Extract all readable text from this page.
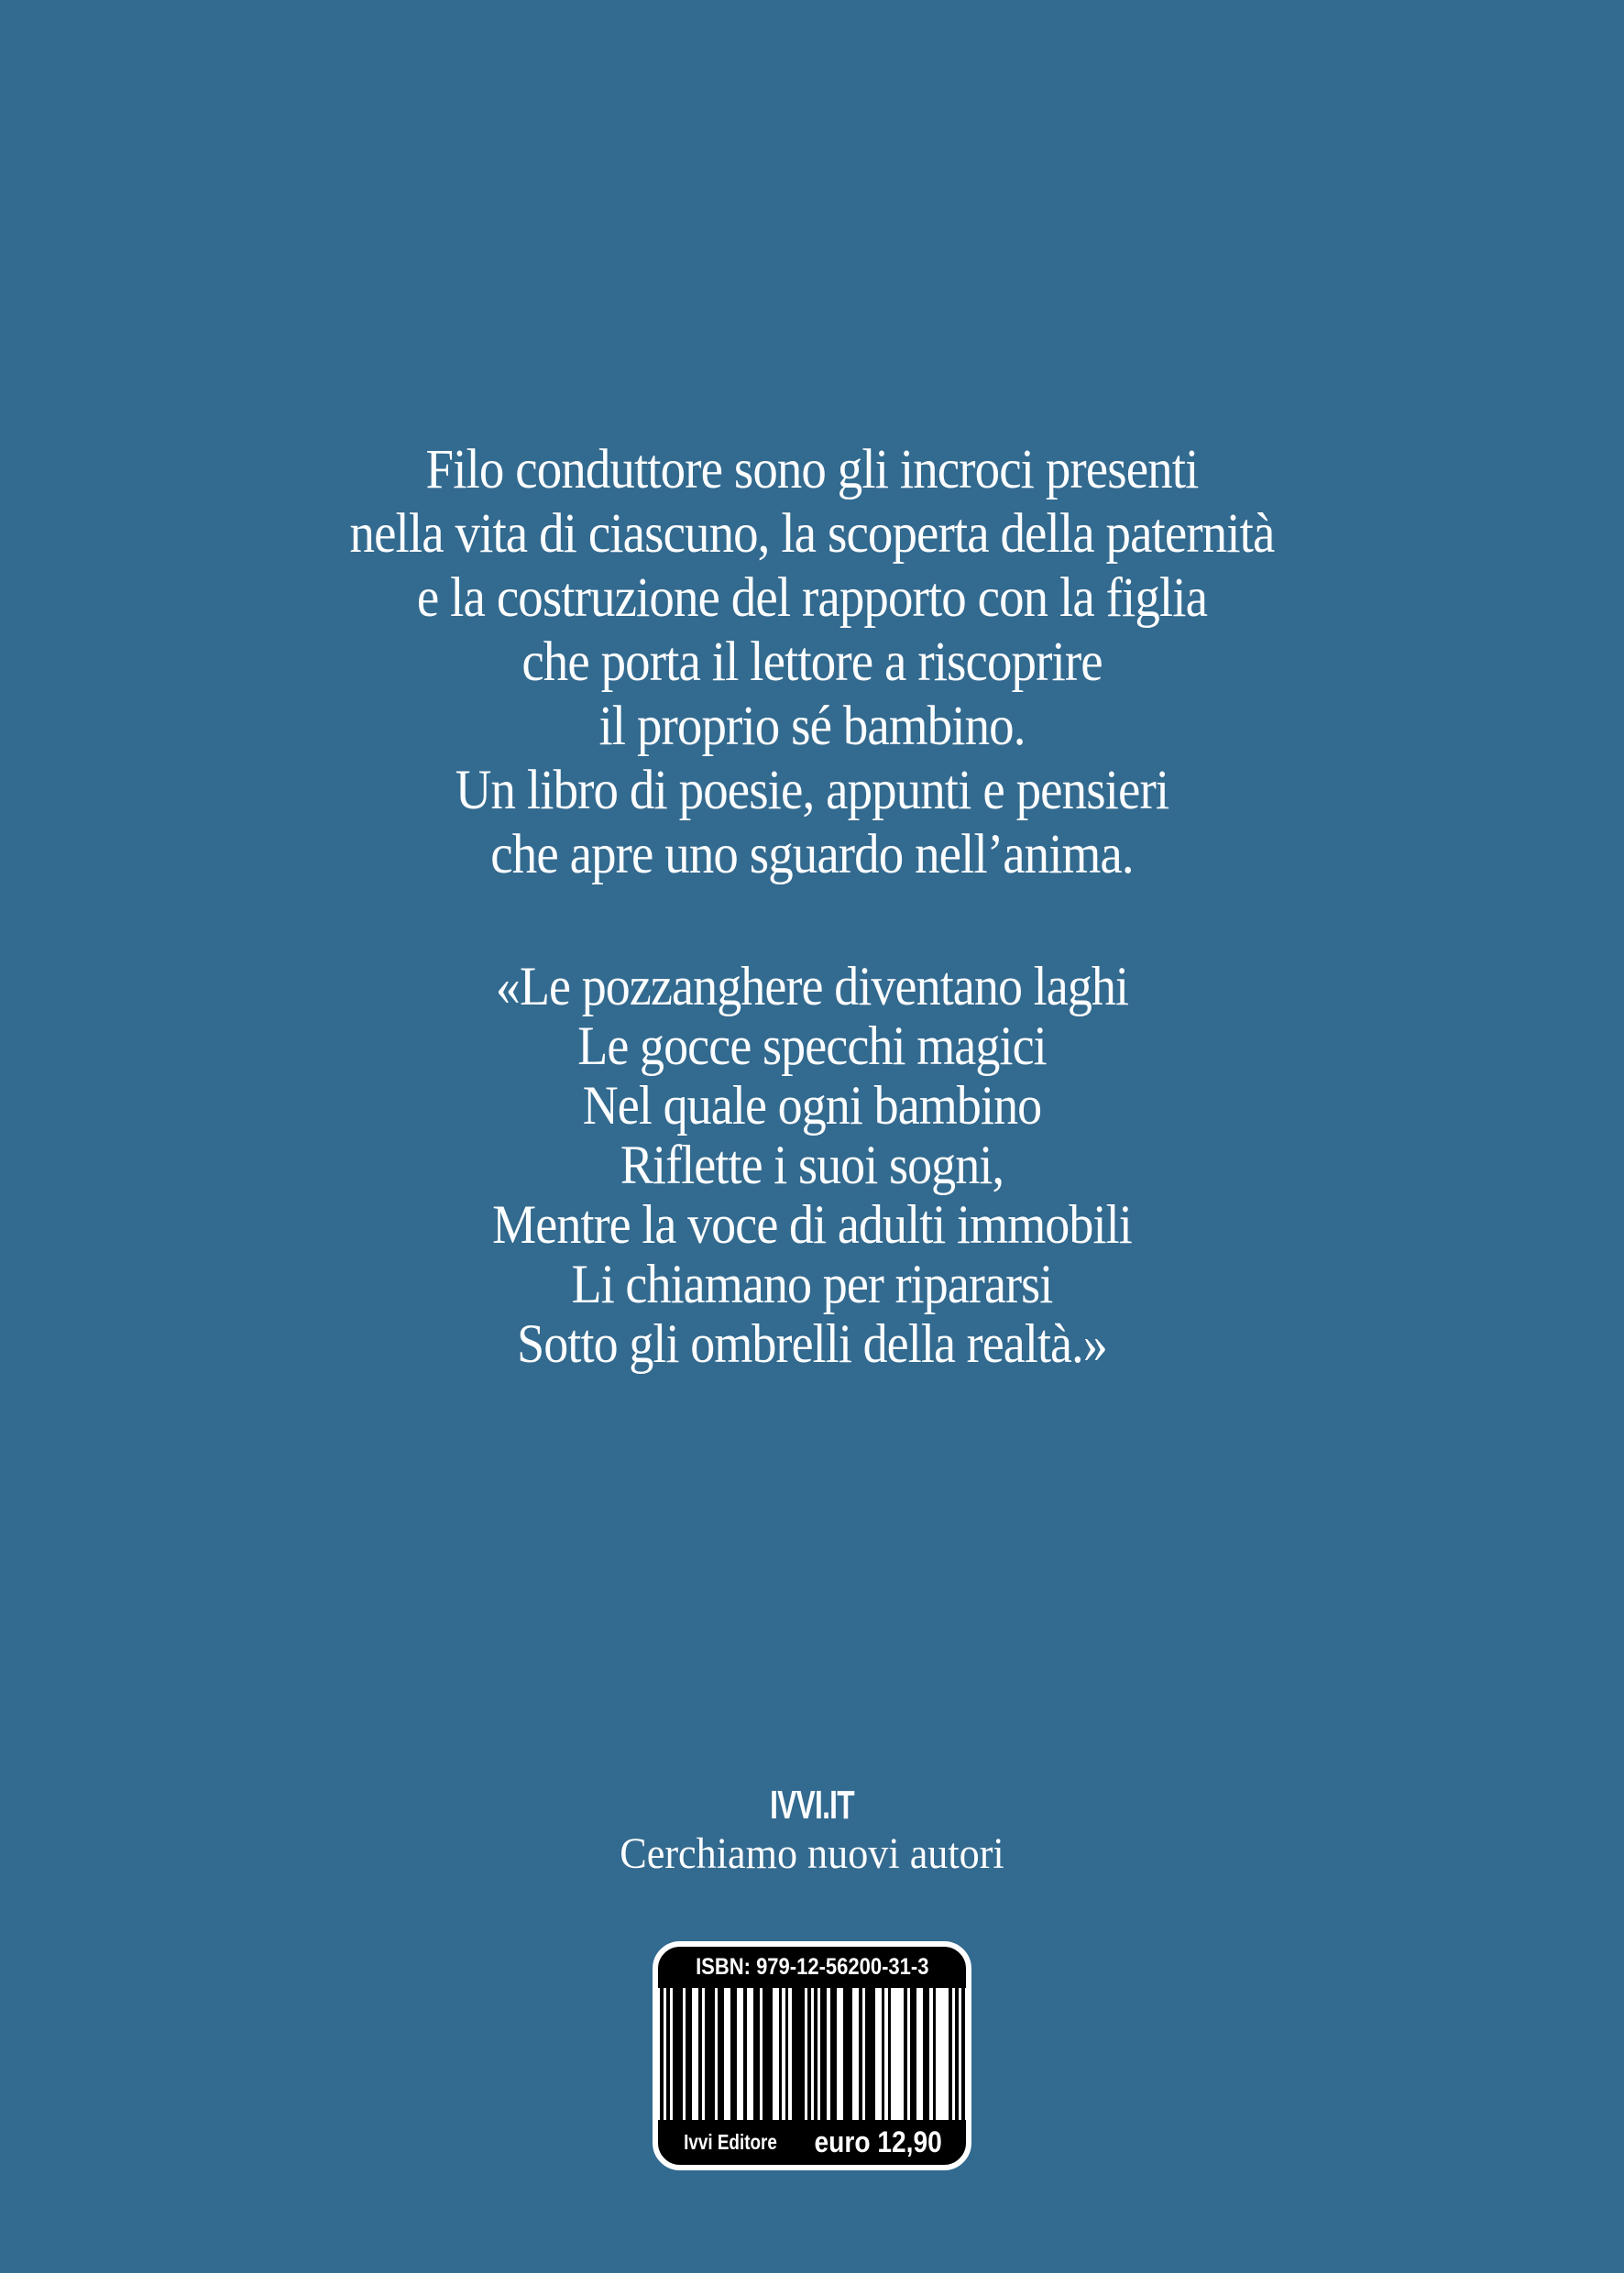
Filo conduttore sono gli incroci presenti
nella vita di ciascuno, la scoperta della paternità
e la costruzione del rapporto con la figlia
che porta il lettore a riscoprire
il proprio sé bambino.
Un libro di poesie, appunti e pensieri
che apre uno sguardo nell’anima.
«Le pozzanghere diventano laghi
Le gocce specchi magici
Nel quale ogni bambino
Riflette i suoi sogni,
Mentre la voce di adulti immobili
Li chiamano per ripararsi
Sotto gli ombrelli della realtà.»
IVVI.IT
Cerchiamo nuovi autori
ISBN: 979-12-56200-31-3
Ivvi Editore euro 12,90
